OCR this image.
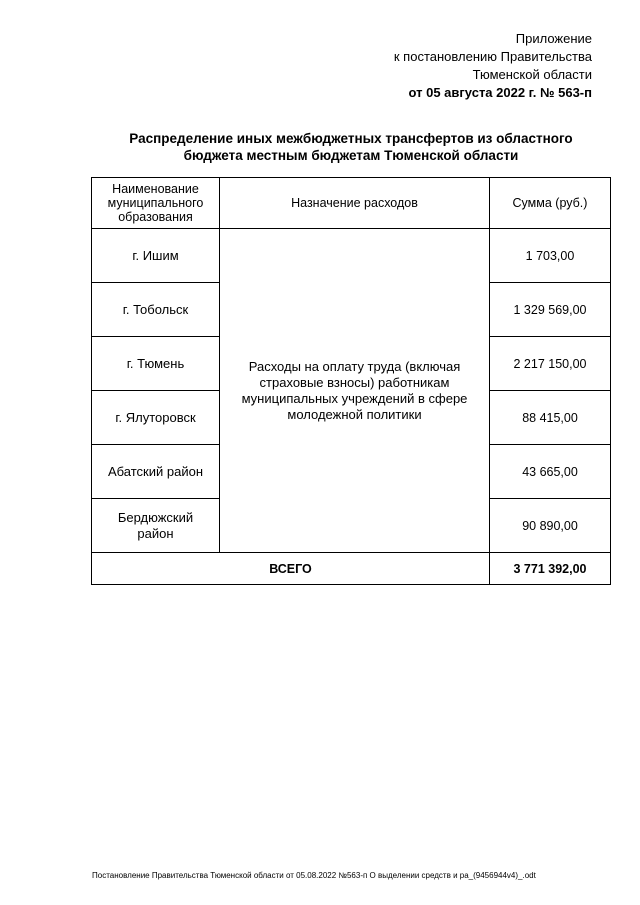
Приложение
к постановлению Правительства
Тюменской области
от 05 августа 2022 г. № 563-п
Распределение иных межбюджетных трансфертов из областного
бюджета местным бюджетам Тюменской области
Наименование муниципального образования	Назначение расходов	Сумма (руб.)
г. Ишим	Расходы на оплату труда (включая страховые взносы) работникам муниципальных учреждений в сфере молодежной политики	1 703,00
г. Тобольск		1 329 569,00
г. Тюмень		2 217 150,00
г. Ялуторовск		88 415,00
Абатский район		43 665,00
Бердюжский район		90 890,00
ВСЕГО		3 771 392,00
Постановление Правительства Тюменской области от 05.08.2022 №563-п О выделении средств и ра_(9456944v4)_.odt
